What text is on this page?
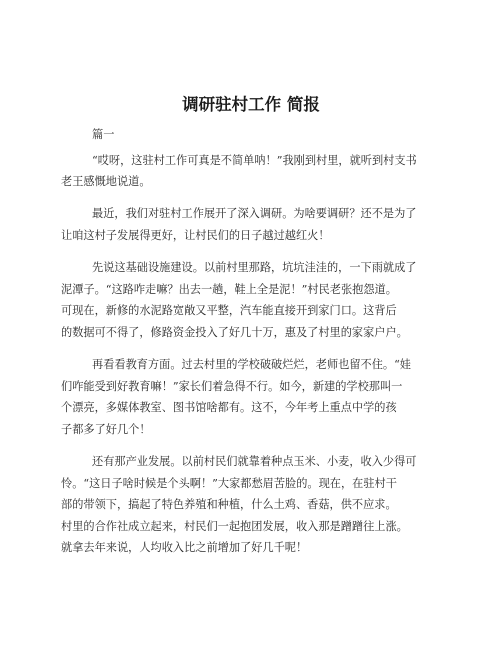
调研驻村工作 简报

篇一

“哎呀，这驻村工作可真是不简单呐！”我刚到村里，就听到村支书

老王感慨地说道。

最近，我们对驻村工作展开了深入调研。为啥要调研？还不是为了

让咱这村子发展得更好，让村民们的日子越过越红火！

先说这基础设施建设。以前村里那路，坑坑洼洼的，一下雨就成了

泥潭子。“这路咋走嘛？出去一趟，鞋上全是泥！”村民老张抱怨道。

可现在，新修的水泥路宽敞又平整，汽车能直接开到家门口。这背后

的数据可不得了，修路资金投入了好几十万，惠及了村里的家家户户。

再看看教育方面。过去村里的学校破破烂烂，老师也留不住。“娃

们咋能受到好教育嘛！”家长们着急得不行。如今，新建的学校那叫一

个漂亮，多媒体教室、图书馆啥都有。这不，今年考上重点中学的孩

子都多了好几个！

还有那产业发展。以前村民们就靠着种点玉米、小麦，收入少得可

怜。“这日子啥时候是个头啊！”大家都愁眉苦脸的。现在，在驻村干

部的带领下，搞起了特色养殖和种植，什么土鸡、香菇，供不应求。

村里的合作社成立起来，村民们一起抱团发展，收入那是蹭蹭往上涨。

就拿去年来说，人均收入比之前增加了好几千呢！
